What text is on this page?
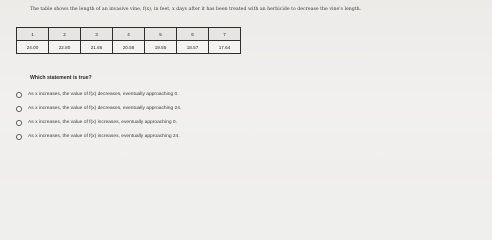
The table shows the length of an invasive vine, f(x), in feet, x days after it has been treated with an herbicide to decrease the vine's length.
1	2	3	4	5	6	7
24.00	22.80	21.66	20.58	19.55	18.57	17.64
Which statement is true?
As x increases, the value of f(x) decreases, eventually approaching 0.
As x increases, the value of f(x) decreases, eventually approaching 24.
As x increases, the value of f(x) increases, eventually approaching 0.
As x increases, the value of f(x) increases, eventually approaching 24.
